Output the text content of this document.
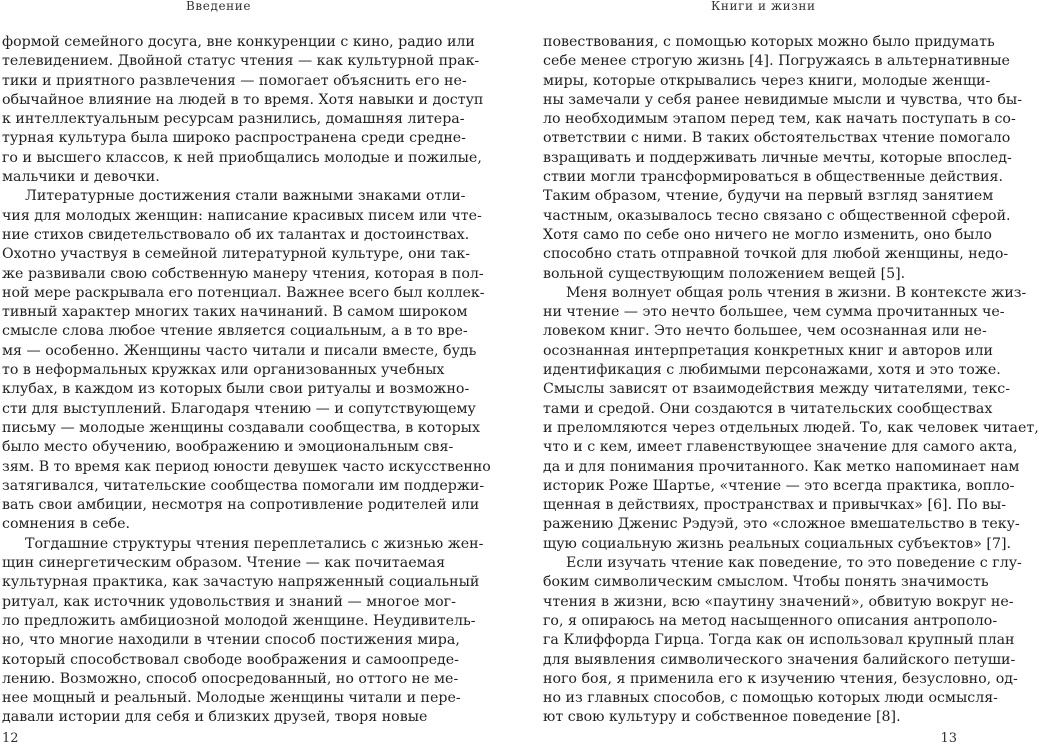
Введение
формой семейного досуга, вне конкуренции с кино, радио или
телевидением. Двойной статус чтения — как культурной прак-
тики и приятного развлечения — помогает объяснить его не-
обычайное влияние на людей в то время. Хотя навыки и доступ
к интеллектуальным ресурсам разнились, домашняя литера-
турная культура была широко распространена среди средне-
го и высшего классов, к ней приобщались молодые и пожилые,
мальчики и девочки.
Литературные достижения стали важными знаками отли-
чия для молодых женщин: написание красивых писем или чте-
ние стихов свидетельствовало об их талантах и достоинствах.
Охотно участвуя в семейной литературной культуре, они так-
же развивали свою собственную манеру чтения, которая в пол-
ной мере раскрывала его потенциал. Важнее всего был коллек-
тивный характер многих таких начинаний. В самом широком
смысле слова любое чтение является социальным, а в то вре-
мя — особенно. Женщины часто читали и писали вместе, будь
то в неформальных кружках или организованных учебных
клубах, в каждом из которых были свои ритуалы и возможно-
сти для выступлений. Благодаря чтению — и сопутствующему
письму — молодые женщины создавали сообщества, в которых
было место обучению, воображению и эмоциональным свя-
зям. В то время как период юности девушек часто искусственно
затягивался, читательские сообщества помогали им поддержи-
вать свои амбиции, несмотря на сопротивление родителей или
сомнения в себе.
Тогдашние структуры чтения переплетались с жизнью жен-
щин синергетическим образом. Чтение — как почитаемая
культурная практика, как зачастую напряженный социальный
ритуал, как источник удовольствия и знаний — многое мог-
ло предложить амбициозной молодой женщине. Неудивитель-
но, что многие находили в чтении способ постижения мира,
который способствовал свободе воображения и самоопреде-
лению. Возможно, способ опосредованный, но оттого не ме-
нее мощный и реальный. Молодые женщины читали и пере-
давали истории для себя и близких друзей, творя новые
12
Книги и жизни
13
повествования, с помощью которых можно было придумать
себе менее строгую жизнь [4]. Погружаясь в альтернативные
миры, которые открывались через книги, молодые женщи-
ны замечали у себя ранее невидимые мысли и чувства, что бы-
ло необходимым этапом перед тем, как начать поступать в со-
ответствии с ними. В таких обстоятельствах чтение помогало
взращивать и поддерживать личные мечты, которые впослед-
ствии могли трансформироваться в общественные действия.
Таким образом, чтение, будучи на первый взгляд занятием
частным, оказывалось тесно связано с общественной сферой.
Хотя само по себе оно ничего не могло изменить, оно было
способно стать отправной точкой для любой женщины, недо-
вольной существующим положением вещей [5].
Меня волнует общая роль чтения в жизни. В контексте жиз-
ни чтение — это нечто большее, чем сумма прочитанных че-
ловеком книг. Это нечто большее, чем осознанная или не-
осознанная интерпретация конкретных книг и авторов или
идентификация с любимыми персонажами, хотя и это тоже.
Смыслы зависят от взаимодействия между читателями, текс-
тами и средой. Они создаются в читательских сообществах
и преломляются через отдельных людей. То, как человек читает,
что и с кем, имеет главенствующее значение для самого акта,
да и для понимания прочитанного. Как метко напоминает нам
историк Роже Шартье, «чтение — это всегда практика, вопло-
щенная в действиях, пространствах и привычках» [6]. По вы-
ражению Дженис Рэдуэй, это «сложное вмешательство в теку-
щую социальную жизнь реальных социальных субъектов» [7].
Если изучать чтение как поведение, то это поведение с глу-
боким символическим смыслом. Чтобы понять значимость
чтения в жизни, всю «паутину значений», обвитую вокруг не-
го, я опираюсь на метод насыщенного описания антрополо-
га Клиффорда Гирца. Тогда как он использовал крупный план
для выявления символического значения балийского петуши-
ного боя, я применила его к изучению чтения, безусловно, од-
но из главных способов, с помощью которых люди осмысля-
ют свою культуру и собственное поведение [8].
